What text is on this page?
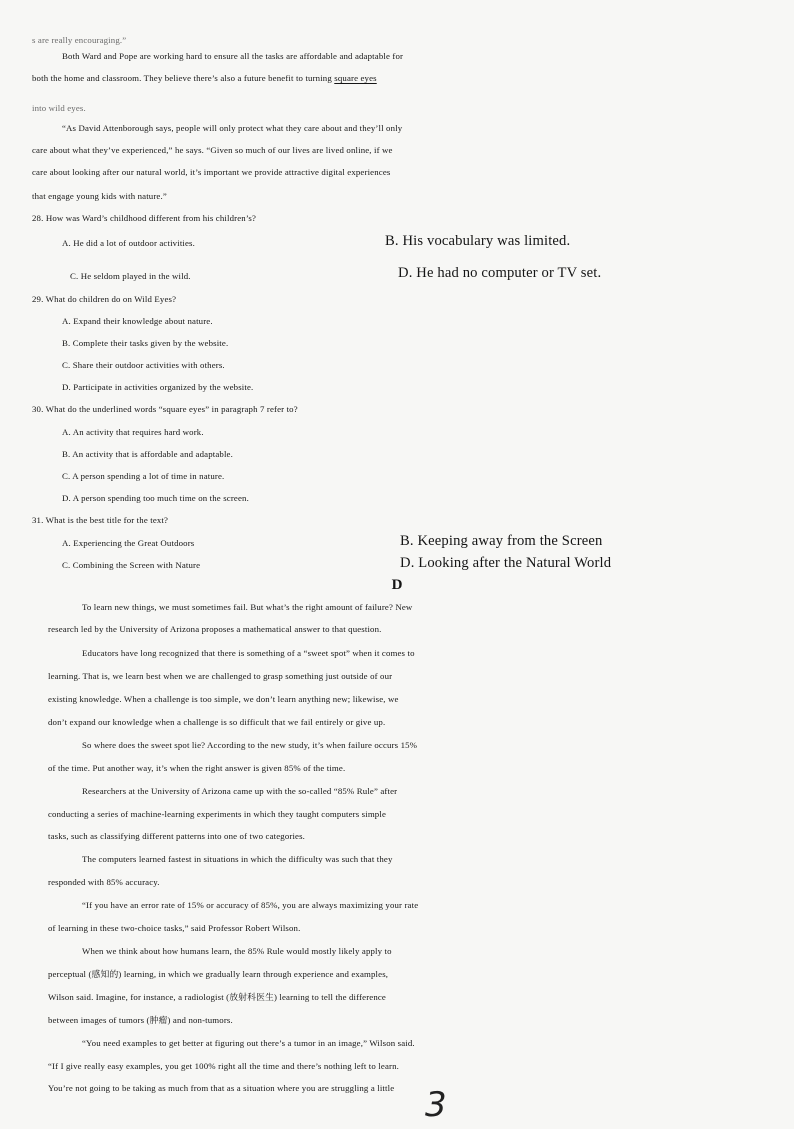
s are really encouraging.”

Both Ward and Pope are working hard to ensure all the tasks are affordable and adaptable for

both the home and classroom. They believe there’s also a future benefit to turning square eyes

into wild eyes.

“As David Attenborough says, people will only protect what they care about and they’ll only

care about what they’ve experienced,” he says. “Given so much of our lives are lived online, if we

care about looking after our natural world, it’s important we provide attractive digital experiences

that engage young kids with nature.”

28. How was Ward’s childhood different from his children’s?

A. He did a lot of outdoor activities.	B. His vocabulary was limited.

C. He seldom played in the wild.	D. He had no computer or TV set.

29. What do children do on Wild Eyes?

A. Expand their knowledge about nature.

B. Complete their tasks given by the website.

C. Share their outdoor activities with others.

D. Participate in activities organized by the website.

30. What do the underlined words “square eyes” in paragraph 7 refer to?

A. An activity that requires hard work.

B. An activity that is affordable and adaptable.

C. A person spending a lot of time in nature.

D. A person spending too much time on the screen.

31. What is the best title for the text?

A. Experiencing the Great Outdoors	B. Keeping away from the Screen

C. Combining the Screen with Nature	D. Looking after the Natural World

D

To learn new things, we must sometimes fail. But what’s the right amount of failure? New

research led by the University of Arizona proposes a mathematical answer to that question.

Educators have long recognized that there is something of a “sweet spot” when it comes to

learning. That is, we learn best when we are challenged to grasp something just outside of our

existing knowledge. When a challenge is too simple, we don’t learn anything new; likewise, we

don’t expand our knowledge when a challenge is so difficult that we fail entirely or give up.

So where does the sweet spot lie? According to the new study, it’s when failure occurs 15%

of the time. Put another way, it’s when the right answer is given 85% of the time.

Researchers at the University of Arizona came up with the so-called “85% Rule” after

conducting a series of machine-learning experiments in which they taught computers simple

tasks, such as classifying different patterns into one of two categories.

The computers learned fastest in situations in which the difficulty was such that they

responded with 85% accuracy.

“If you have an error rate of 15% or accuracy of 85%, you are always maximizing your rate

of learning in these two-choice tasks,” said Professor Robert Wilson.

When we think about how humans learn, the 85% Rule would mostly likely apply to

perceptual (感知的) learning, in which we gradually learn through experience and examples,

Wilson said. Imagine, for instance, a radiologist (放射科医生) learning to tell the difference

between images of tumors (肿瘤) and non-tumors.

“You need examples to get better at figuring out there’s a tumor in an image,” Wilson said.

“If I give really easy examples, you get 100% right all the time and there’s nothing left to learn.

You’re not going to be taking as much from that as a situation where you are struggling a little 3
